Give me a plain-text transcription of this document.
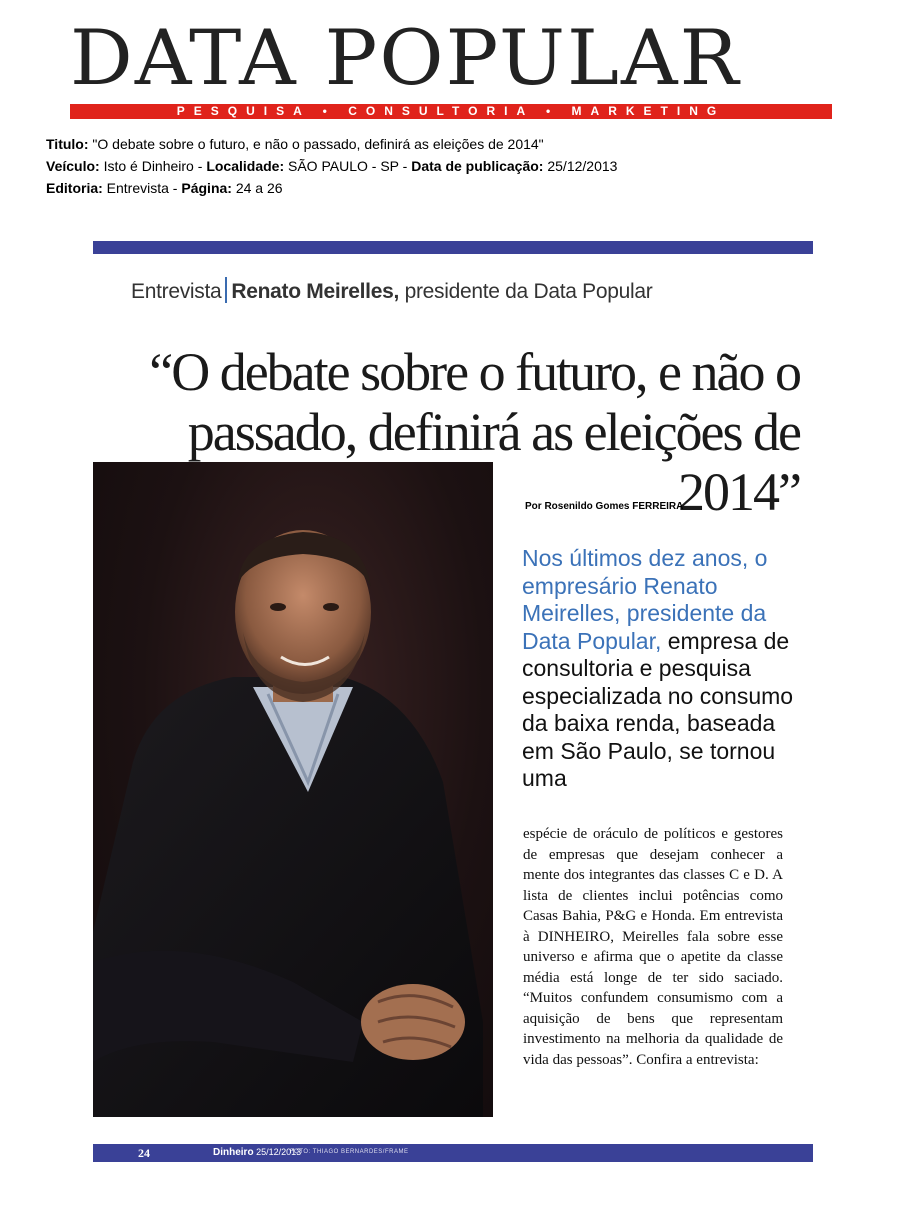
DATA POPULAR
PESQUISA • CONSULTORIA • MARKETING
Titulo: "O debate sobre o futuro, e não o passado, definirá as eleições de 2014"
Veículo: Isto é Dinheiro - Localidade: SÃO PAULO - SP - Data de publicação: 25/12/2013
Editoria: Entrevista - Página: 24 a 26
Entrevista Renato Meirelles, presidente da Data Popular
“O debate sobre o futuro, e não o
passado, definirá as eleições de 2014”
Por Rosenildo Gomes FERREIRA
Nos últimos dez anos, o empresário Renato Meirelles, presidente da Data Popular, empresa de consultoria e pesquisa especializada no consumo da baixa renda, baseada em São Paulo, se tornou uma
espécie de oráculo de políticos e gestores de empresas que desejam conhecer a mente dos integrantes das classes C e D. A lista de clientes inclui potências como Casas Bahia, P&G e Honda. Em entrevista à DINHEIRO, Meirelles fala sobre esse universo e afirma que o apetite da classe média está longe de ter sido saciado. “Muitos confundem consumismo com a aquisição de bens que representam investimento na melhoria da qualidade de vida das pessoas”. Confira a entrevista:
24	Dinheiro 25/12/2013
FOTO: THIAGO BERNARDES/FRAME
